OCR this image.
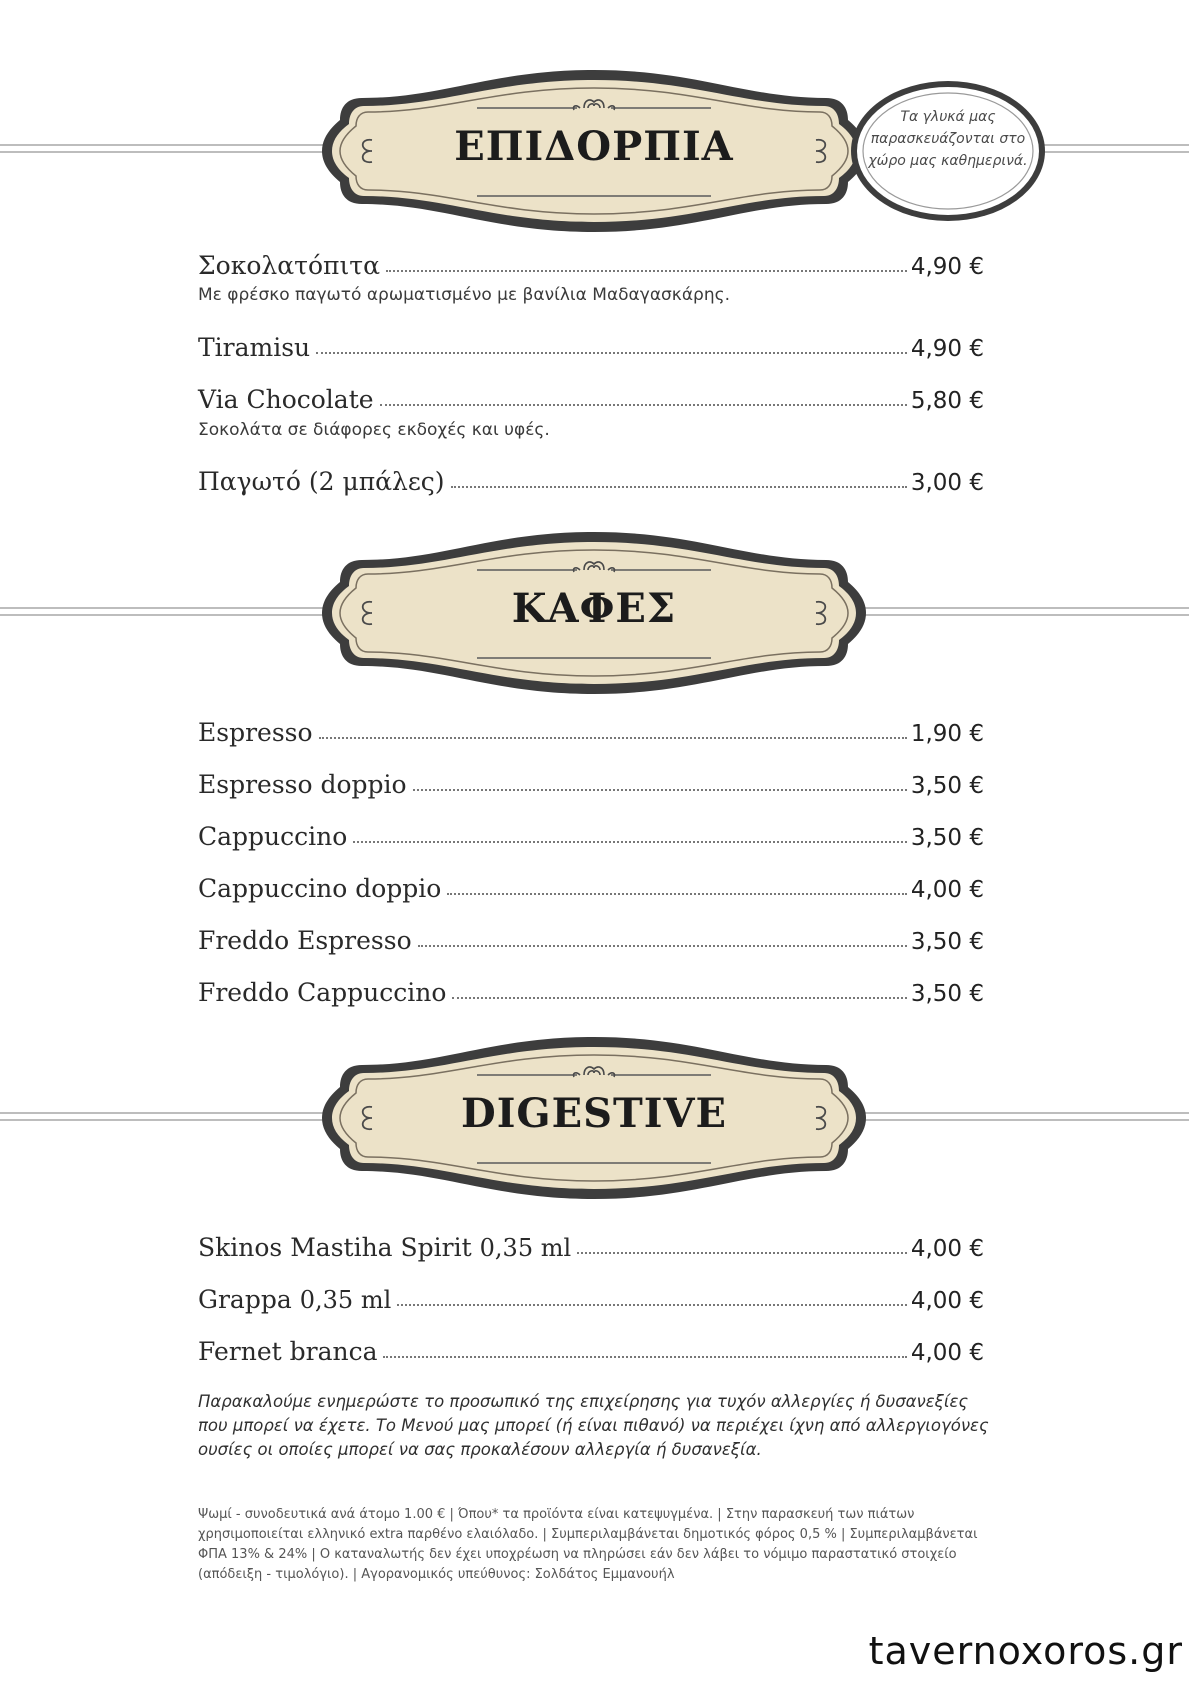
ΕΠΙΔΟΡΠΙΑ
Τα γλυκά μας παρασκευάζονται στο χώρο μας καθημερινά.
Σοκολατόπιτα	4,90 €
Με φρέσκο παγωτό αρωματισμένο με βανίλια Μαδαγασκάρης.
Tiramisu	4,90 €
Via Chocolate	5,80 €
Σοκολάτα σε διάφορες εκδοχές και υφές.
Παγωτό (2 μπάλες)	3,00 €
ΚΑΦΕΣ
Espresso	1,90 €
Espresso doppio	3,50 €
Cappuccino	3,50 €
Cappuccino doppio	4,00 €
Freddo Espresso	3,50 €
Freddo Cappuccino	3,50 €
DIGESTIVE
Skinos Mastiha Spirit 0,35 ml	4,00 €
Grappa 0,35 ml	4,00 €
Fernet branca	4,00 €
Παρακαλούμε ενημερώστε το προσωπικό της επιχείρησης για τυχόν αλλεργίες ή δυσανεξίες που μπορεί να έχετε. Το Μενού μας μπορεί (ή είναι πιθανό) να περιέχει ίχνη από αλλεργιογόνες ουσίες οι οποίες μπορεί να σας προκαλέσουν αλλεργία ή δυσανεξία.
Ψωμί - συνοδευτικά ανά άτομο 1.00 € | Όπου* τα προϊόντα είναι κατεψυγμένα. | Στην παρασκευή των πιάτων χρησιμοποιείται ελληνικό extra παρθένο ελαιόλαδο. | Συμπεριλαμβάνεται δημοτικός φόρος 0,5 % | Συμπεριλαμβάνεται ΦΠΑ 13% & 24% | Ο καταναλωτής δεν έχει υποχρέωση να πληρώσει εάν δεν λάβει το νόμιμο παραστατικό στοιχείο (απόδειξη - τιμολόγιο). | Αγορανομικός υπεύθυνος: Σολδάτος Εμμανουήλ
tavernoxoros.gr
